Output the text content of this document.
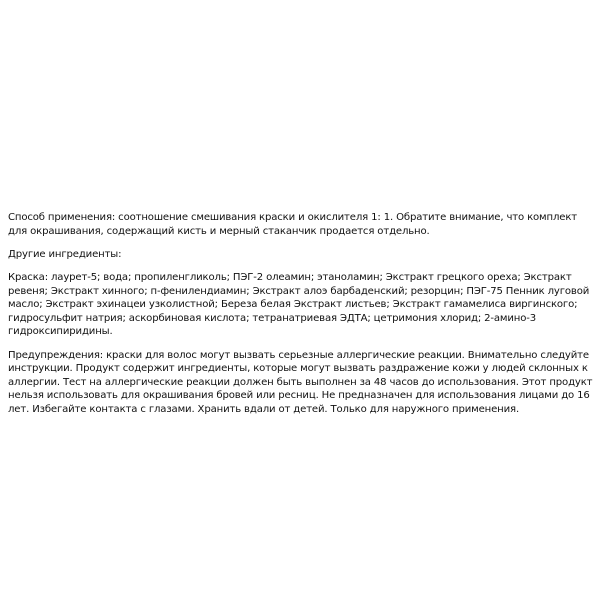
Способ применения: соотношение смешивания краски и окислителя 1: 1. Обратите внимание, что комплект для окрашивания, содержащий кисть и мерный стаканчик продается отдельно.

Другие ингредиенты:

Краска: лаурет-5; вода; пропиленгликоль; ПЭГ-2 олеамин; этаноламин; Экстракт грецкого ореха; Экстракт ревеня; Экстракт хинного; п-фенилендиамин; Экстракт алоэ барбаденский; резорцин; ПЭГ-75 Пенник луговой масло; Экстракт эхинацеи узколистной; Береза белая Экстракт листьев; Экстракт гамамелиса виргинского; гидросульфит натрия; аскорбиновая кислота; тетранатриевая ЭДТА; цетримония хлорид; 2-амино-3 гидроксипиридины.

Предупреждения: краски для волос могут вызвать серьезные аллергические реакции. Внимательно следуйте инструкции. Продукт содержит ингредиенты, которые могут вызвать раздражение кожи у людей склонных к аллергии. Тест на аллергические реакции должен быть выполнен за 48 часов до использования. Этот продукт нельзя использовать для окрашивания бровей или ресниц. Не предназначен для использования лицами до 16 лет. Избегайте контакта с глазами. Хранить вдали от детей. Только для наружного применения.
